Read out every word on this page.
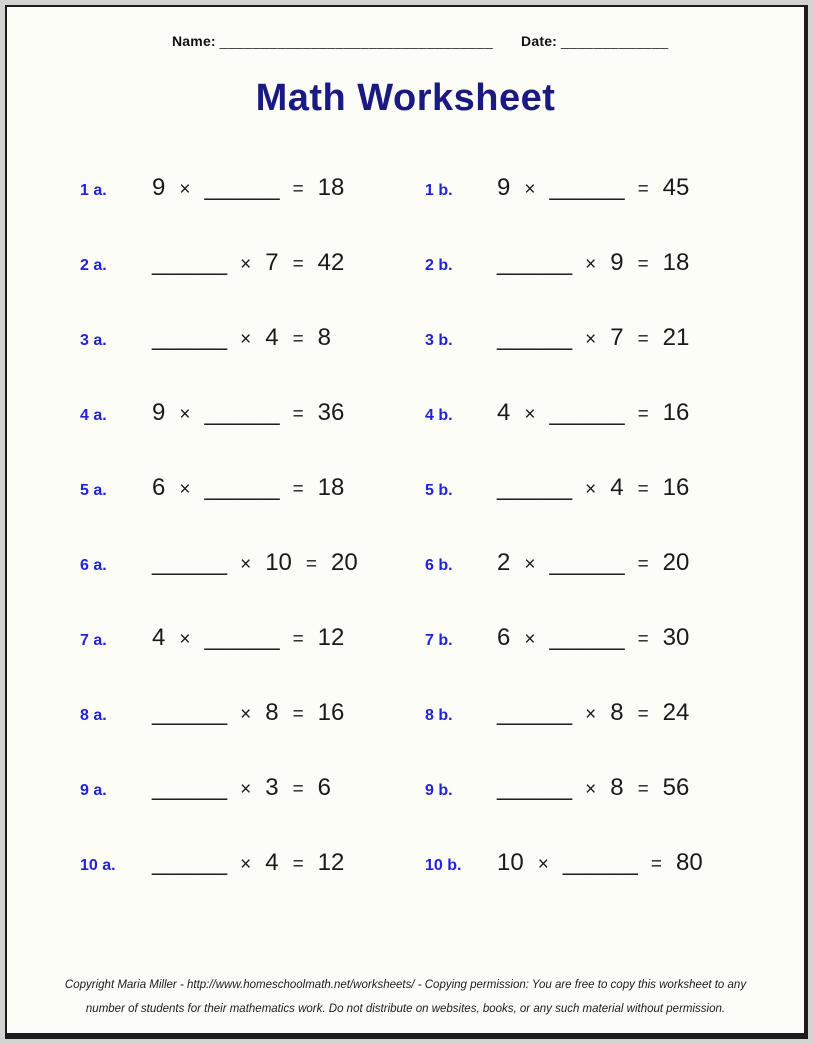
Name: _________________________________ Date: _____________
Math Worksheet
1 a.	9 × ______ = 18	1 b.	9 × ______ = 45
2 a.	______ × 7 = 42	2 b.	______ × 9 = 18
3 a.	______ × 4 = 8	3 b.	______ × 7 = 21
4 a.	9 × ______ = 36	4 b.	4 × ______ = 16
5 a.	6 × ______ = 18	5 b.	______ × 4 = 16
6 a.	______ × 10 = 20	6 b.	2 × ______ = 20
7 a.	4 × ______ = 12	7 b.	6 × ______ = 30
8 a.	______ × 8 = 16	8 b.	______ × 8 = 24
9 a.	______ × 3 = 6	9 b.	______ × 8 = 56
10 a.	______ × 4 = 12	10 b.	10 × ______ = 80
Copyright Maria Miller - http://www.homeschoolmath.net/worksheets/ - Copying permission: You are free to copy this worksheet to any
number of students for their mathematics work. Do not distribute on websites, books, or any such material without permission.
